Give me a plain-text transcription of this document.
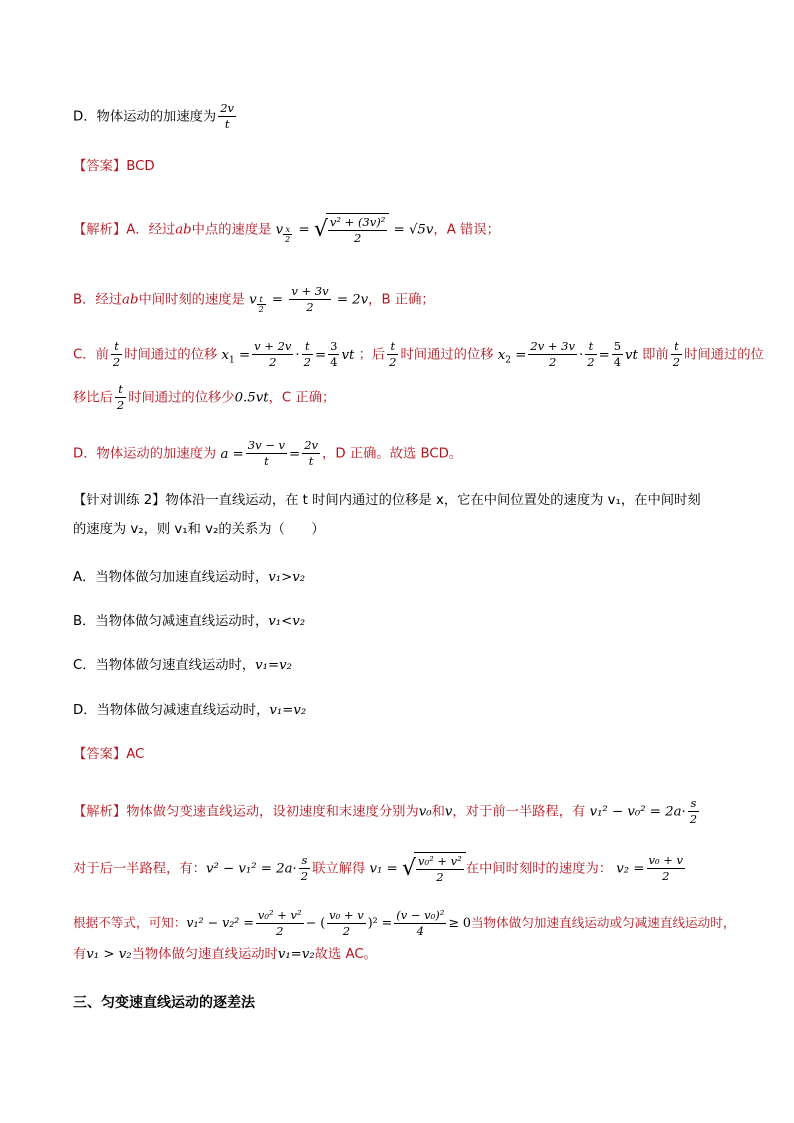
D．物体运动的加速度为 $\frac{2v}{t}$
【答案】BCD
【解析】A．经过ab中点的速度是 v $\frac{x}{2}$ = √ $\frac{\text{v² + (3v)²}}{2} = √5v$，A 错误；
B．经过ab中间时刻的速度是 v $\frac{t}{2} = \frac{v + 3v}{2} = 2v$，B 正确；
C．前 $\frac{t}{2}$ 时间通过的位移 $x_1 = \frac{v + 2v}{2} \cdot \frac{t}{2} = \frac{3}{4}$ vt ；后 $\frac{t}{2}$ 时间通过的位移 $x_2 = \frac{2v + 3v}{2} \cdot \frac{t}{2} = \frac{5}{4}$ vt 即前 $\frac{t}{2}$ 时间通过的位
移比后 $\frac{t}{2}$ 时间通过的位移少0.5vt，C 正确；
D．物体运动的加速度为 $a = \frac{3v - v}{t} = \frac{2v}{t}$ ，D 正确。故选 BCD。
【针对训练 2】物体沿一直线运动，在 t 时间内通过的位移是 x，它在中间位置处的速度为 v₁，在中间时刻
的速度为 v₂，则 v₁和 v₂的关系为（　　）
A．当物体做匀加速直线运动时，v₁>v₂
B．当物体做匀减速直线运动时，v₁<v₂
C．当物体做匀速直线运动时，v₁=v₂
D．当物体做匀减速直线运动时，v₁=v₂
【答案】AC
【解析】物体做匀变速直线运动，设初速度和末速度分别为v₀和v，对于前一半路程，有 $v_1^2 - v_0^2 = 2a\cdot \frac{s}{2}$
对于后一半路程，有：$v^2 - v_1^2 = 2a\cdot \frac{s}{2}$ 联立解得 v₁ = √ $\frac{\text{v₀² + v²}}{2}$ 在中间时刻时的速度为： $v_2 = \frac{\text{v₀ + v}}{2}$
根据不等式，可知：$v_1^2 - v_2^2 = \frac{\text{v₀² + v²}}{2}$ − ( $\frac{\text{v₀ + v}}{2} )^2 = \frac{\text{(v − v₀)²}}{4} \ge 0$当物体做匀加速直线运动或匀减速直线运动时，
有v₁ > v₂当物体做匀速直线运动时v₁=v₂故选 AC。
三、匀变速直线运动的逐差法
